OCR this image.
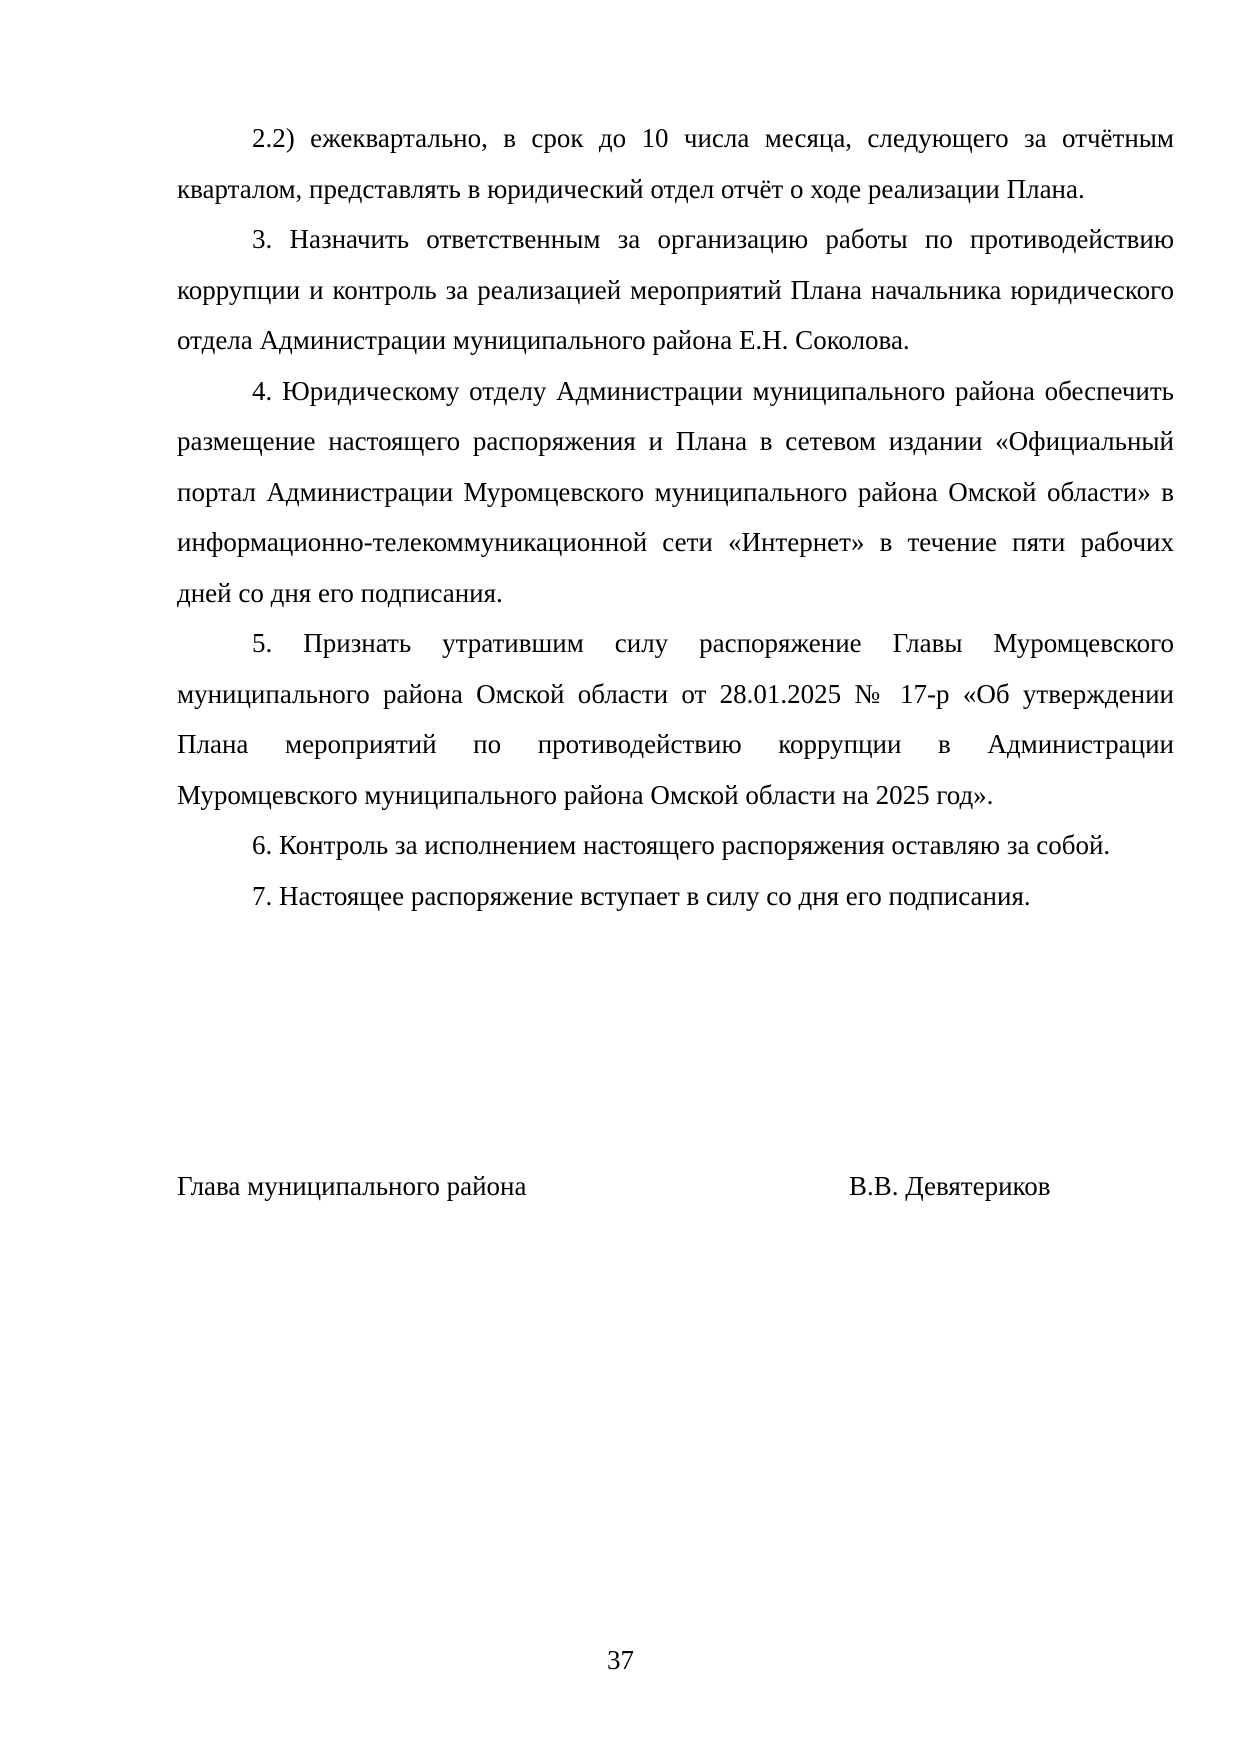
2.2) ежеквартально, в срок до 10 числа месяца, следующего за отчётным кварталом, представлять в юридический отдел отчёт о ходе реализации Плана.

3. Назначить ответственным за организацию работы по противодействию коррупции и контроль за реализацией мероприятий Плана начальника юридического отдела Администрации муниципального района Е.Н. Соколова.

4. Юридическому отделу Администрации муниципального района обеспечить размещение настоящего распоряжения и Плана в сетевом издании «Официальный портал Администрации Муромцевского муниципального района Омской области» в информационно-телекоммуникационной сети «Интернет» в течение пяти рабочих дней со дня его подписания.

5. Признать утратившим силу распоряжение Главы Муромцевского муниципального района Омской области от 28.01.2025 № 17-р «Об утверждении Плана мероприятий по противодействию коррупции в Администрации Муромцевского муниципального района Омской области на 2025 год».

6. Контроль за исполнением настоящего распоряжения оставляю за собой.

7. Настоящее распоряжение вступает в силу со дня его подписания.

Глава муниципального района	В.В. Девятериков
37
